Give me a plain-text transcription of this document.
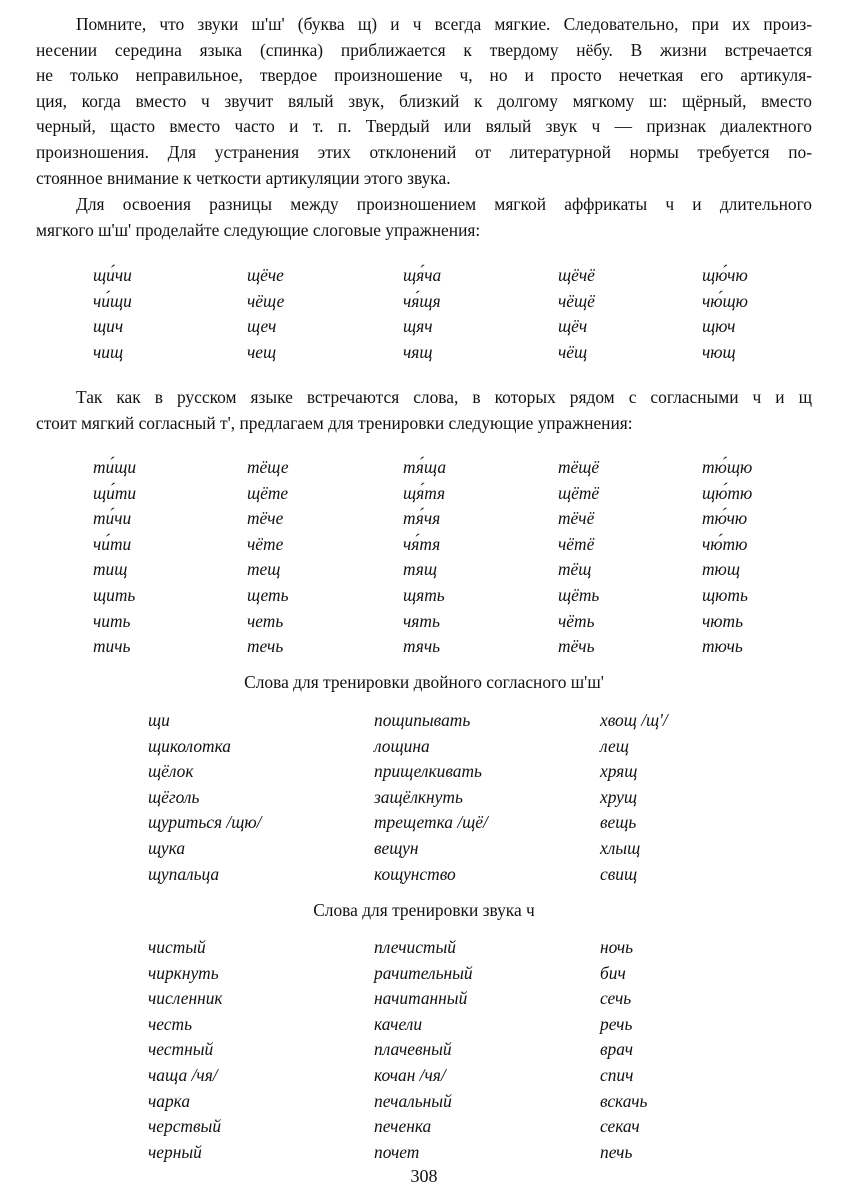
Помните, что звуки ш'ш' (буква щ) и ч всегда мягкие. Следовательно, при их произ-
несении середина языка (спинка) приближается к твердому нёбу. В жизни встречается
не только неправильное, твердое произношение ч, но и просто нечеткая его артикуля-
ция, когда вместо ч звучит вялый звук, близкий к долгому мягкому ш: щёрный, вместо
черный, щасто вместо часто и т. п. Твердый или вялый звук ч — признак диалектного
произношения. Для устранения этих отклонений от литературной нормы требуется по-
стоянное внимание к четкости артикуляции этого звука.
Для освоения разницы между произношением мягкой аффрикаты ч и длительного
мягкого ш'ш' проделайте следующие слоговые упражнения:
щи́чи	щёче	щя́ча	щёчё	щю́чю
чи́щи	чёще	чя́щя	чёщё	чю́щю
щич	щеч	щяч	щёч	щюч
чищ	чещ	чящ	чёщ	чющ
Так как в русском языке встречаются слова, в которых рядом с согласными ч и щ
стоит мягкий согласный т', предлагаем для тренировки следующие упражнения:
ти́щи	тёще	тя́ща	тёщё	тю́щю
щи́ти	щёте	щя́тя	щётё	щю́тю
ти́чи	тёче	тя́чя	тёчё	тю́чю
чи́ти	чёте	чя́тя	чётё	чю́тю
тищ	тещ	тящ	тёщ	тющ
щить	щеть	щять	щёть	щють
чить	четь	чять	чёть	чють
тичь	течь	тячь	тёчь	тючь
Слова для тренировки двойного согласного ш'ш'
щи	пощипывать	хвощ /щ'/
щиколотка	лощина	лещ
щёлок	прищелкивать	хрящ
щёголь	защёлкнуть	хрущ
щуриться /щю/	трещетка /щё/	вещь
щука	вещун	хлыщ
щупальца	кощунство	свищ
Слова для тренировки звука ч
чистый	плечистый	ночь
чиркнуть	рачительный	бич
численник	начитанный	сечь
честь	качели	речь
честный	плачевный	врач
чаща /чя/	кочан /чя/	спич
чарка	печальный	вскачь
черствый	печенка	секач
черный	почет	печь
308
